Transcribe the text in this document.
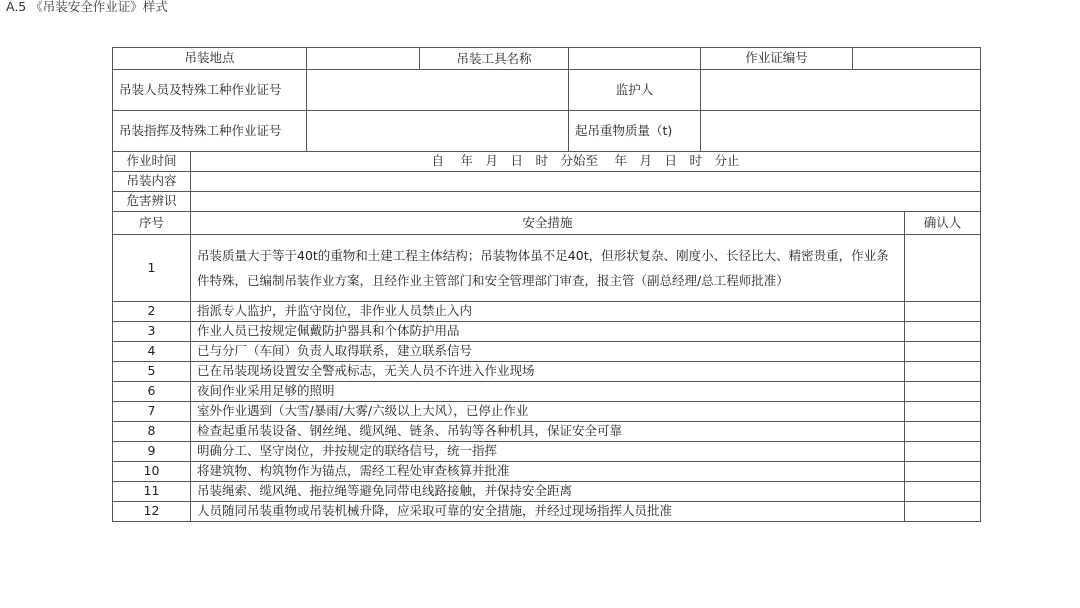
A.5 《吊装安全作业证》样式
吊装地点		吊装工具名称		作业证编号		
吊装人员及特殊工种作业证号			监护人			
吊装指挥及特殊工种作业证号			起吊重物质量（t)			
作业时间	自　 年　月　日　时　分始至　 年　月　日　时　分止					
吊装内容						
危害辨识						
序号	安全措施					确认人
1	吊装质量大于等于40t的重物和土建工程主体结构；吊装物体虽不足40t，但形状复杂、刚度小、长径比大、精密贵重，作业条件特殊，已编制吊装作业方案，且经作业主管部门和安全管理部门审查，报主管（副总经理/总工程师批准）					
2	指派专人监护，并监守岗位，非作业人员禁止入内					
3	作业人员已按规定佩戴防护器具和个体防护用品					
4	已与分厂（车间）负责人取得联系，建立联系信号					
5	已在吊装现场设置安全警戒标志，无关人员不许进入作业现场					
6	夜间作业采用足够的照明					
7	室外作业遇到（大雪/暴雨/大雾/六级以上大风），已停止作业					
8	检查起重吊装设备、钢丝绳、缆风绳、链条、吊钩等各种机具，保证安全可靠					
9	明确分工、坚守岗位，并按规定的联络信号，统一指挥					
10	将建筑物、构筑物作为锚点，需经工程处审查核算并批准					
11	吊装绳索、缆风绳、拖拉绳等避免同带电线路接触，并保持安全距离					
12	人员随同吊装重物或吊装机械升降，应采取可靠的安全措施，并经过现场指挥人员批准					
